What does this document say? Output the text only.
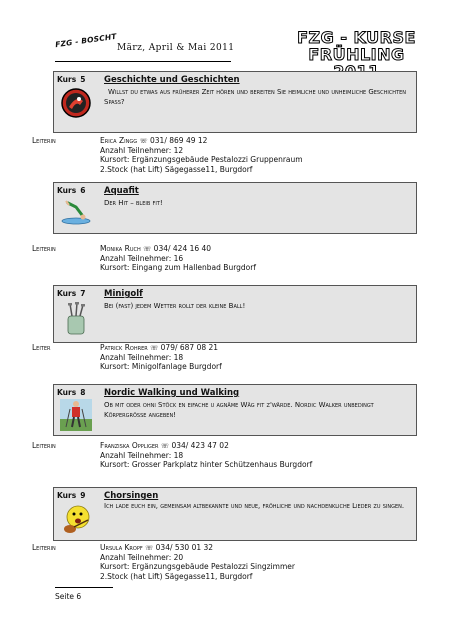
FZG - BOSCHT März, April & Mai 2011
FZG - KURSE
FRÜHLING
Kurs 5 Geschichte und Geschichten
Willst du etwas aus früherer Zeit hören und bereiten Sie heimliche und unheimliche Geschichten Spass?
Leiterin	Erica Zingg ☏ 031/ 869 49 12
Anzahl Teilnehmer: 12
Kursort: Ergänzungsgebäude Pestalozzi Gruppenraum
2.Stock (hat Lift) Sägegasse11, Burgdorf
Kurs 6 Aquafit
Der Hit – bleib fit!
Leiterin	Monika Ruch ☏ 034/ 424 16 40
Anzahl Teilnehmer: 16
Kursort: Eingang zum Hallenbad Burgdorf
Kurs 7 Minigolf
Bei (fast) jedem Wetter rollt der kleine Ball!
Leiter	Patrick Rohrer ☏ 079/ 687 08 21
Anzahl Teilnehmer: 18
Kursort: Minigolfanlage Burgdorf
Kurs 8 Nordic Walking und Walking
Ob mit oder ohni Stöck en eifache u agnäme Wäg fit z'wärde. Nordic Walker unbedingt Körpergrösse angeben!
Leiterin	Franziska Oppliger ☏ 034/ 423 47 02
Anzahl Teilnehmer: 18
Kursort: Grosser Parkplatz hinter Schützenhaus Burgdorf
Kurs 9 Chorsingen
Ich lade euch ein, gemeinsam altbekannte und neue, fröhliche und nachdenkliche Lieder zu singen.
Leiterin	Ursula Kropf ☏ 034/ 530 01 32
Anzahl Teilnehmer: 20
Kursort: Ergänzungsgebäude Pestalozzi Singzimmer
2.Stock (hat Lift) Sägegasse11, Burgdorf
Seite 6
